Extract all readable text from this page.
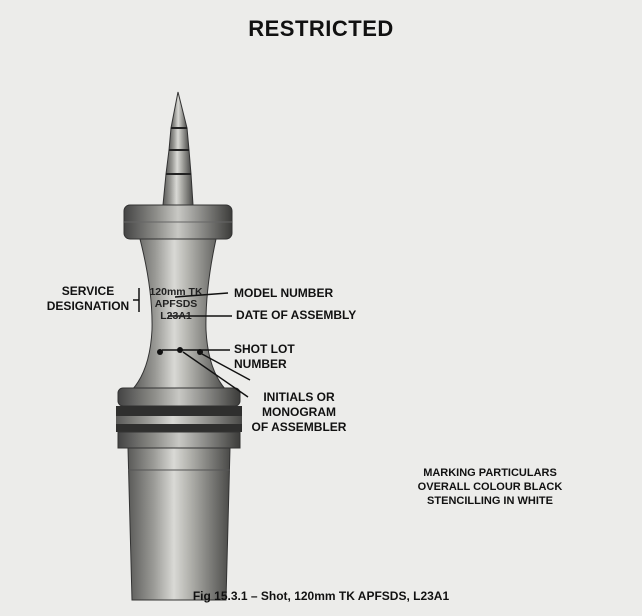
RESTRICTED
120mm TK
APFSDS
L23A1
SERVICE
DESIGNATION
MODEL NUMBER
DATE OF ASSEMBLY
SHOT LOT
NUMBER
INITIALS OR
MONOGRAM
OF ASSEMBLER
MARKING PARTICULARS
OVERALL COLOUR BLACK
STENCILLING IN WHITE
Fig 15.3.1 – Shot, 120mm TK APFSDS, L23A1
